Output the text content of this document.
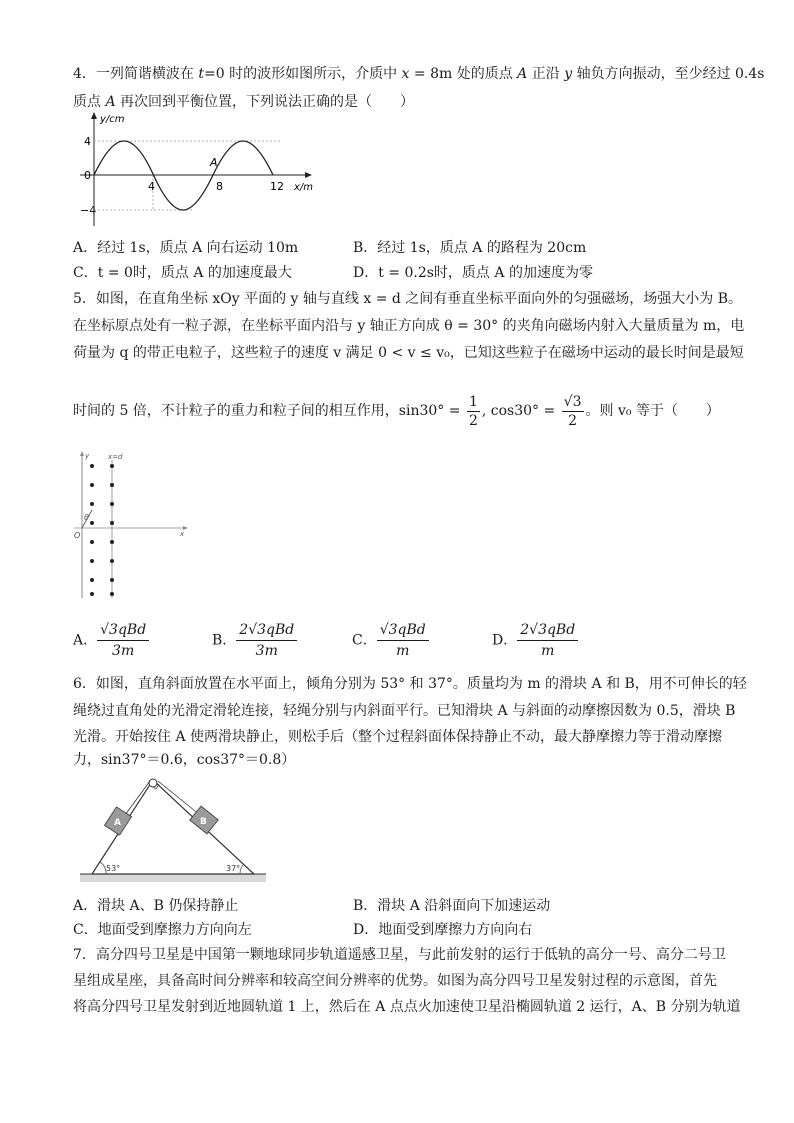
4．一列简谐横波在 t=0 时的波形如图所示，介质中 x = 8m 处的质点 A 正沿 y 轴负方向振动，至少经过 0.4s
质点 A 再次回到平衡位置，下列说法正确的是（　　）
y/cm
4
0
−4
4	8	12 x/m
A
A．经过 1s，质点 A 向右运动 10m	B．经过 1s，质点 A 的路程为 20cm
C．t = 0时，质点 A 的加速度最大	D．t = 0.2s时，质点 A 的加速度为零
5．如图，在直角坐标 xOy 平面的 y 轴与直线 x = d 之间有垂直坐标平面向外的匀强磁场，场强大小为 B。
在坐标原点处有一粒子源，在坐标平面内沿与 y 轴正方向成 θ = 30° 的夹角向磁场内射入大量质量为 m，电
荷量为 q 的带正电粒子，这些粒子的速度 v 满足 0 < v ≤ v₀，已知这些粒子在磁场中运动的最长时间是最短
时间的 5 倍，不计粒子的重力和粒子间的相互作用，$\sin 30^\circ = \frac{1}{2}$ , $\cos 30^\circ = \frac{√3}{2}$ 。则 v₀ 等于（　　）
y	x=d
x
O
θ
A． $\frac{\text{√3qBd}}{3m}$	B． $\frac{\text{2√3qBd}}{3m}$	C． $\frac{\text{√3qBd}}{m}$	D． $\frac{\text{2√3qBd}}{m}$
6．如图，直角斜面放置在水平面上，倾角分别为 53° 和 37°。质量均为 m 的滑块 A 和 B，用不可伸长的轻
绳绕过直角处的光滑定滑轮连接，轻绳分别与内斜面平行。已知滑块 A 与斜面的动摩擦因数为 0.5，滑块 B
光滑。开始按住 A 使两滑块静止，则松手后（整个过程斜面体保持静止不动，最大静摩擦力等于滑动摩擦
力，sin37°＝0.6，cos37°＝0.8）
A	B
53°	37°
A．滑块 A、B 仍保持静止	B．滑块 A 沿斜面向下加速运动
C．地面受到摩擦力方向向左	D．地面受到摩擦力方向向右
7．高分四号卫星是中国第一颗地球同步轨道遥感卫星，与此前发射的运行于低轨的高分一号、高分二号卫
星组成星座，具备高时间分辨率和较高空间分辨率的优势。如图为高分四号卫星发射过程的示意图，首先
将高分四号卫星发射到近地圆轨道 1 上，然后在 A 点点火加速使卫星沿椭圆轨道 2 运行，A、B 分别为轨道
